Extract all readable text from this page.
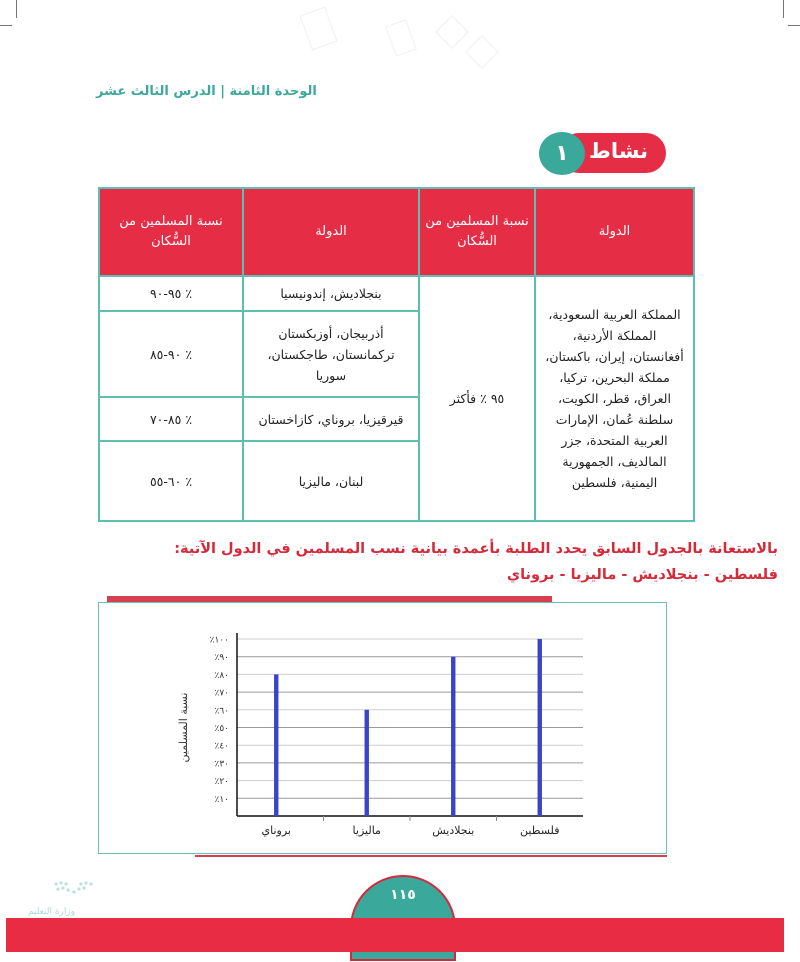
الوحدة الثامنة | الدرس الثالث عشر
نشاط
١
الدولة	نسبة المسلمين من السُّكان	الدولة	نسبة المسلمين من السُّكان
المملكة العربية السعودية، المملكة الأردنية، أفغانستان، إيران، باكستان، مملكة البحرين، تركيا، العراق، قطر، الكويت، سلطنة عُمان، الإمارات العربية المتحدة، جزر المالديف، الجمهورية اليمنية، فلسطين	٩٥ ٪ فأكثر	بنجلاديش، إندونيسيا	٪ ٩٥-٩٠
		أذربيجان، أوزبكستان تركمانستان، طاجكستان، سوريا	٪ ٩٠-٨٥
		قيرقيزيا، بروناي، كازاخستان	٪ ٨٥-٧٠
		لبنان، ماليزيا	٪ ٦٠-٥٥
بالاستعانة بالجدول السابق يحدد الطلبة بأعمدة بيانية نسب المسلمين في الدول الآتية:
فلسطين - بنجلاديش - ماليزيا - بروناي
٪١٠
٪٢٠
٪٣٠
٪٤٠
٪٥٠
٪٦٠
٪٧٠
٪٨٠
٪٩٠
٪١٠٠
نسبة المسلمين
بروناي	ماليزيا	بنجلاديش	فلسطين
وزارة التعليم
١١٥
